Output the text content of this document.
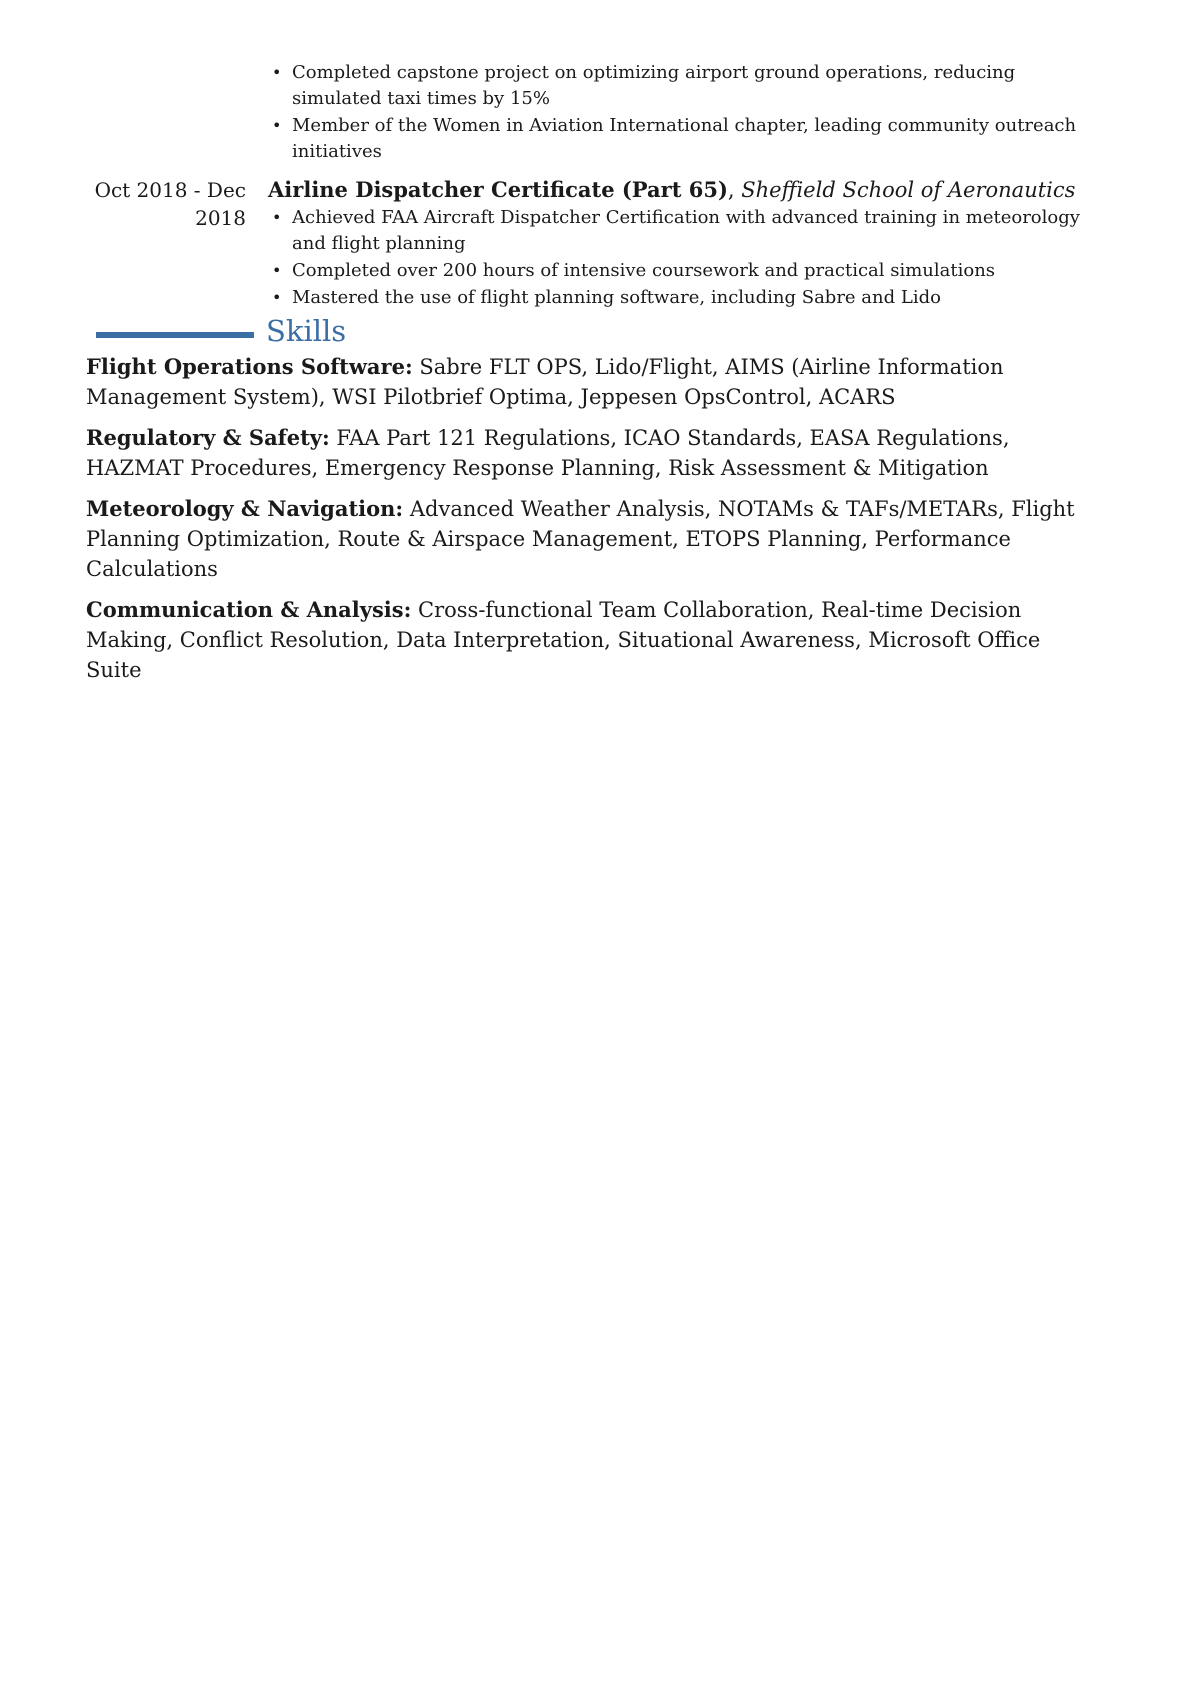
• Completed capstone project on optimizing airport ground operations, reducing simulated taxi times by 15%
• Member of the Women in Aviation International chapter, leading community outreach initiatives
Oct 2018 - Dec 2018
Airline Dispatcher Certificate (Part 65), Sheffield School of Aeronautics
• Achieved FAA Aircraft Dispatcher Certification with advanced training in meteorology and flight planning
• Completed over 200 hours of intensive coursework and practical simulations
• Mastered the use of flight planning software, including Sabre and Lido
Skills
Flight Operations Software: Sabre FLT OPS, Lido/Flight, AIMS (Airline Information Management System), WSI Pilotbrief Optima, Jeppesen OpsControl, ACARS
Regulatory & Safety: FAA Part 121 Regulations, ICAO Standards, EASA Regulations, HAZMAT Procedures, Emergency Response Planning, Risk Assessment & Mitigation
Meteorology & Navigation: Advanced Weather Analysis, NOTAMs & TAFs/METARs, Flight Planning Optimization, Route & Airspace Management, ETOPS Planning, Performance Calculations
Communication & Analysis: Cross-functional Team Collaboration, Real-time Decision Making, Conflict Resolution, Data Interpretation, Situational Awareness, Microsoft Office Suite
